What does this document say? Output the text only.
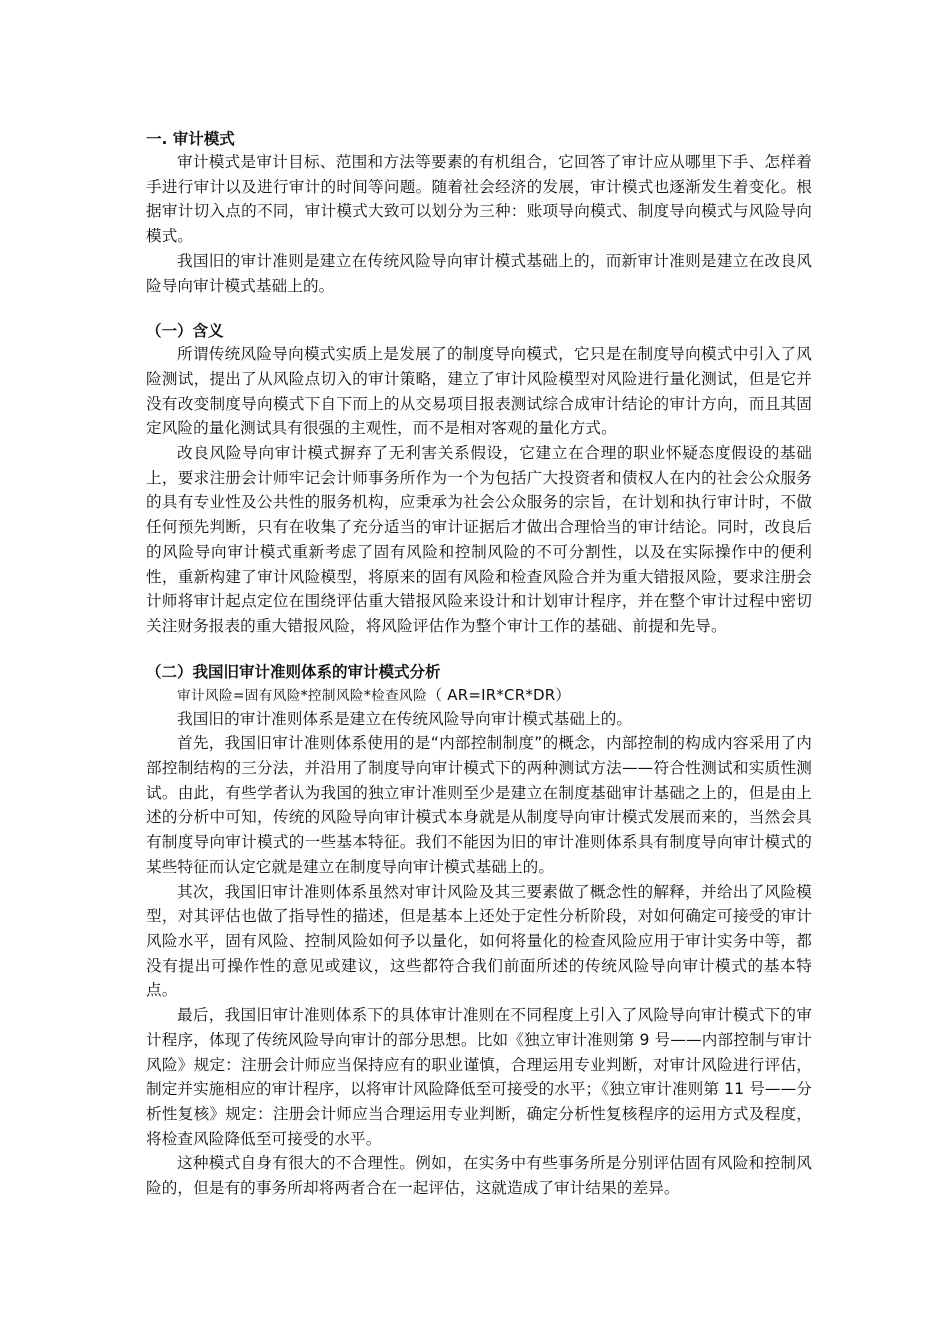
一. 审计模式
审计模式是审计目标、范围和方法等要素的有机组合，它回答了审计应从哪里下手、怎样着手进行审计以及进行审计的时间等问题。随着社会经济的发展，审计模式也逐渐发生着变化。根据审计切入点的不同，审计模式大致可以划分为三种：账项导向模式、制度导向模式与风险导向模式。
我国旧的审计准则是建立在传统风险导向审计模式基础上的，而新审计准则是建立在改良风险导向审计模式基础上的。
（一）含义
所谓传统风险导向模式实质上是发展了的制度导向模式，它只是在制度导向模式中引入了风险测试，提出了从风险点切入的审计策略，建立了审计风险模型对风险进行量化测试，但是它并没有改变制度导向模式下自下而上的从交易项目报表测试综合成审计结论的审计方向，而且其固定风险的量化测试具有很强的主观性，而不是相对客观的量化方式。
改良风险导向审计模式摒弃了无利害关系假设，它建立在合理的职业怀疑态度假设的基础上，要求注册会计师牢记会计师事务所作为一个为包括广大投资者和债权人在内的社会公众服务的具有专业性及公共性的服务机构，应秉承为社会公众服务的宗旨，在计划和执行审计时，不做任何预先判断，只有在收集了充分适当的审计证据后才做出合理恰当的审计结论。同时，改良后的风险导向审计模式重新考虑了固有风险和控制风险的不可分割性，以及在实际操作中的便利性，重新构建了审计风险模型，将原来的固有风险和检查风险合并为重大错报风险，要求注册会计师将审计起点定位在围绕评估重大错报风险来设计和计划审计程序，并在整个审计过程中密切关注财务报表的重大错报风险，将风险评估作为整个审计工作的基础、前提和先导。
（二）我国旧审计准则体系的审计模式分析
审计风险=固有风险*控制风险*检查风险（ AR=IR*CR*DR）
我国旧的审计准则体系是建立在传统风险导向审计模式基础上的。
首先，我国旧审计准则体系使用的是“内部控制制度”的概念，内部控制的构成内容采用了内部控制结构的三分法，并沿用了制度导向审计模式下的两种测试方法——符合性测试和实质性测试。由此，有些学者认为我国的独立审计准则至少是建立在制度基础审计基础之上的，但是由上述的分析中可知，传统的风险导向审计模式本身就是从制度导向审计模式发展而来的，当然会具有制度导向审计模式的一些基本特征。我们不能因为旧的审计准则体系具有制度导向审计模式的某些特征而认定它就是建立在制度导向审计模式基础上的。
其次，我国旧审计准则体系虽然对审计风险及其三要素做了概念性的解释，并给出了风险模型，对其评估也做了指导性的描述，但是基本上还处于定性分析阶段，对如何确定可接受的审计风险水平，固有风险、控制风险如何予以量化，如何将量化的检查风险应用于审计实务中等，都没有提出可操作性的意见或建议，这些都符合我们前面所述的传统风险导向审计模式的基本特点。
最后，我国旧审计准则体系下的具体审计准则在不同程度上引入了风险导向审计模式下的审计程序，体现了传统风险导向审计的部分思想。比如《独立审计准则第 9 号——内部控制与审计风险》规定：注册会计师应当保持应有的职业谨慎，合理运用专业判断，对审计风险进行评估，制定并实施相应的审计程序，以将审计风险降低至可接受的水平；《独立审计准则第 11 号——分析性复核》规定：注册会计师应当合理运用专业判断，确定分析性复核程序的运用方式及程度，将检查风险降低至可接受的水平。
这种模式自身有很大的不合理性。例如，在实务中有些事务所是分别评估固有风险和控制风险的，但是有的事务所却将两者合在一起评估，这就造成了审计结果的差异。
